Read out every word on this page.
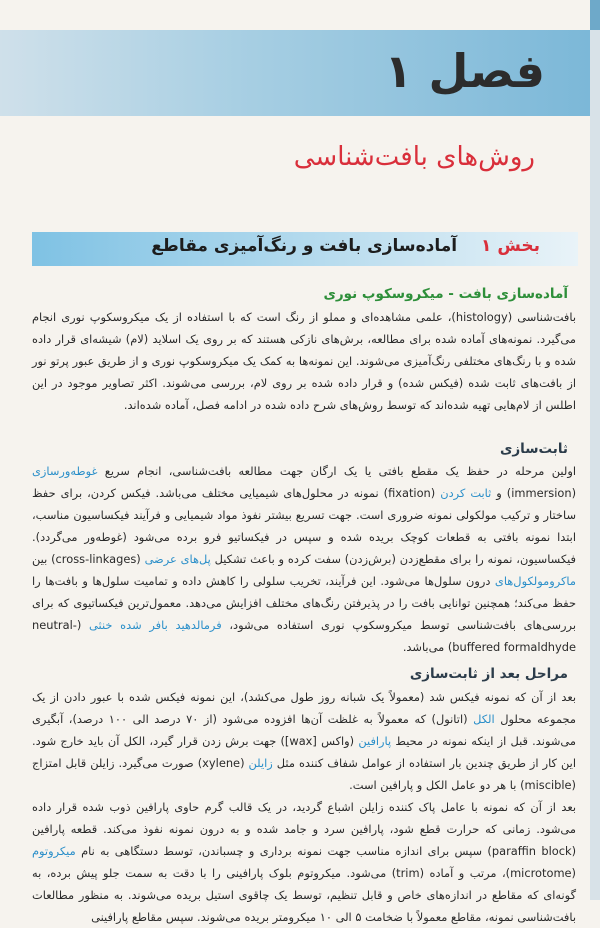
فصل ۱
روش‌های بافت‌شناسی
بخش ۱ آماده‌سازی بافت و رنگ‌آمیزی مقاطع
آماده‌سازی بافت - میکروسکوپ نوری
بافت‌شناسی (histology)، علمی مشاهده‌ای و مملو از رنگ است که با استفاده از یک میکروسکوپ نوری انجام می‌گیرد. نمونه‌های آماده شده برای مطالعه، برش‌های نازکی هستند که بر روی یک اسلاید (لام) شیشه‌ای قرار داده شده و با رنگ‌های مختلفی رنگ‌آمیزی می‌شوند. این نمونه‌ها به کمک یک میکروسکوپ نوری و از طریق عبور پرتو نور از بافت‌های ثابت شده (فیکس شده) و قرار داده شده بر روی لام، بررسی می‌شوند. اکثر تصاویر موجود در این اطلس از لام‌هایی تهیه شده‌اند که توسط روش‌های شرح داده شده در ادامه فصل، آماده شده‌اند.
ثابت‌سازی
اولین مرحله در حفظ یک مقطع بافتی یا یک ارگان جهت مطالعه بافت‌شناسی، انجام سریع غوطه‌ورسازی (immersion) و ثابت کردن (fixation) نمونه در محلول‌های شیمیایی مختلف می‌باشد. فیکس کردن، برای حفظ ساختار و ترکیب مولکولی نمونه ضروری است. جهت تسریع بیشتر نفوذ مواد شیمیایی و فرآیند فیکساسیون مناسب، ابتدا نمونه بافتی به قطعات کوچک بریده شده و سپس در فیکساتیو فرو برده می‌شود (غوطه‌ور می‌گردد). فیکساسیون، نمونه را برای مقطع‌زدن (برش‌زدن) سفت کرده و باعث تشکیل پل‌های عرضی (cross-linkages) بین ماکرومولکول‌های درون سلول‌ها می‌شود. این فرآیند، تخریب سلولی را کاهش داده و تمامیت سلول‌ها و بافت‌ها را حفظ می‌کند؛ همچنین توانایی بافت را در پذیرفتن رنگ‌های مختلف افزایش می‌دهد. معمول‌ترین فیکساتیوی که برای بررسی‌های بافت‌شناسی توسط میکروسکوپ نوری استفاده می‌شود، فرمالدهید بافر شده خنثی (neutral-buffered formaldhyde) می‌باشد.
مراحل بعد از ثابت‌سازی
بعد از آن که نمونه فیکس شد (معمولاً یک شبانه روز طول می‌کشد)، این نمونه فیکس شده با عبور دادن از یک مجموعه محلول الکل (اتانول) که معمولاً به غلظت آن‌ها افزوده می‌شود (از ۷۰ درصد الی ۱۰۰ درصد)، آبگیری می‌شوند. قبل از اینکه نمونه در محیط پارافین (واکس [wax]) جهت برش زدن قرار گیرد، الکل آن باید خارج شود. این کار از طریق چندین بار استفاده از عوامل شفاف کننده مثل زایلن (xylene) صورت می‌گیرد. زایلن قابل امتزاج (miscible) با هر دو عامل الکل و پارافین است.
بعد از آن که نمونه با عامل پاک کننده زایلن اشباع گردید، در یک قالب گرم حاوی پارافین ذوب شده قرار داده می‌شود. زمانی که حرارت قطع شود، پارافین سرد و جامد شده و به درون نمونه نفوذ می‌کند. قطعه پارافین (paraffin block) سپس برای اندازه مناسب جهت نمونه برداری و چسباندن، توسط دستگاهی به نام میکروتوم (microtome)، مرتب و آماده (trim) می‌شود. میکروتوم بلوک پارافینی را با دقت به سمت جلو پیش برده، به گونه‌ای که مقاطع در اندازه‌های خاص و قابل تنظیم، توسط یک چاقوی استیل بریده می‌شوند. به منظور مطالعات بافت‌شناسی نمونه، مقاطع معمولاً با ضخامت ۵ الی ۱۰ میکرومتر بریده می‌شوند. سپس مقاطع پارافینی
